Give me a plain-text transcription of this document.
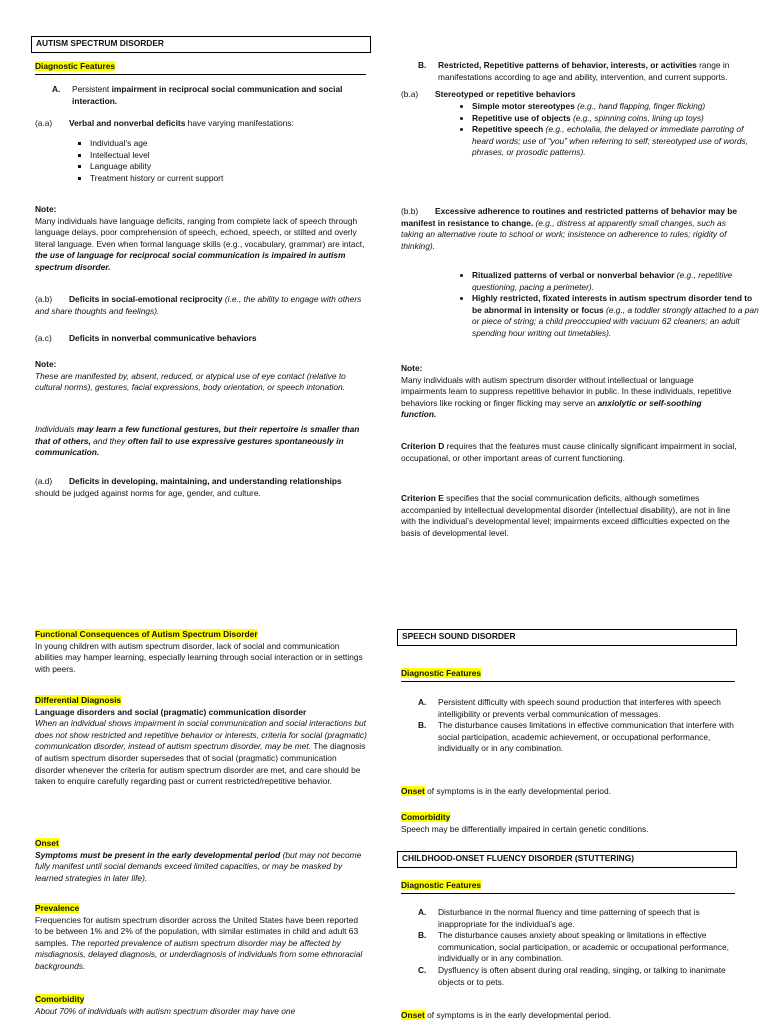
AUTISM SPECTRUM DISORDER
Diagnostic Features
A. Persistent impairment in reciprocal social communication and social interaction.
(a.a) Verbal and nonverbal deficits have varying manifestations:
▪ Individual’s age
▪ Intellectual level
▪ Language ability
▪ Treatment history or current support
Note:
Many individuals have language deficits, ranging from complete lack of speech through language delays, poor comprehension of speech, echoed, speech, or stilted and overly literal language. Even when formal language skills (e.g., vocabulary, grammar) are intact, the use of language for reciprocal social communication is impaired in autism spectrum disorder.
(a.b) Deficits in social-emotional reciprocity (i.e., the ability to engage with others and share thoughts and feelings).
(a.c) Deficits in nonverbal communicative behaviors
Note:
These are manifested by, absent, reduced, or atypical use of eye contact (relative to cultural norms), gestures, facial expressions, body orientation, or speech intonation.
Individuals may learn a few functional gestures, but their repertoire is smaller than that of others, and they often fail to use expressive gestures spontaneously in communication.
(a.d) Deficits in developing, maintaining, and understanding relationships should be judged against norms for age, gender, and culture.
B. Restricted, Repetitive patterns of behavior, interests, or activities range in manifestations according to age and ability, intervention, and current supports.
(b.a) Stereotyped or repetitive behaviors
• Simple motor stereotypes (e.g., hand flapping, finger flicking)
• Repetitive use of objects (e.g., spinning coins, lining up toys)
• Repetitive speech (e.g., echolalia, the delayed or immediate parroting of heard words; use of “you” when referring to self; stereotyped use of words, phrases, or prosodic patterns).
(b.b) Excessive adherence to routines and restricted patterns of behavior may be manifest in resistance to change. (e.g., distress at apparently small changes, such as taking an alternative route to school or work; insistence on adherence to rules; rigidity of thinking).
• Ritualized patterns of verbal or nonverbal behavior (e.g., repetitive questioning, pacing a perimeter).
• Highly restricted, fixated interests in autism spectrum disorder tend to be abnormal in intensity or focus (e.g., a toddler strongly attached to a pan or piece of string; a child preoccupied with vacuum 62 cleaners; an adult spending hour writing out timetables).
Note:
Many individuals with autism spectrum disorder without intellectual or language impairments learn to suppress repetitive behavior in public. In these individuals, repetitive behaviors like rocking or finger flicking may serve an anxiolytic or self-soothing function.
Criterion D requires that the features must cause clinically significant impairment in social, occupational, or other important areas of current functioning.
Criterion E specifies that the social communication deficits, although sometimes accompanied by intellectual developmental disorder (intellectual disability), are not in line with the individual’s developmental level; impairments exceed difficulties expected on the basis of developmental level.
Functional Consequences of Autism Spectrum Disorder
In young children with autism spectrum disorder, lack of social and communication abilities may hamper learning, especially learning through social interaction or in settings with peers.
Differential Diagnosis
Language disorders and social (pragmatic) communication disorder
When an individual shows impairment in social communication and social interactions but does not show restricted and repetitive behavior or interests, criteria for social (pragmatic) communication disorder, instead of autism spectrum disorder, may be met. The diagnosis of autism spectrum disorder supersedes that of social (pragmatic) communication disorder whenever the criteria for autism spectrum disorder are met, and care should be taken to enquire carefully regarding past or current restricted/repetitive behavior.
Onset
Symptoms must be present in the early developmental period (but may not become fully manifest until social demands exceed limited capacities, or may be masked by learned strategies in later life).
Prevalence
Frequencies for autism spectrum disorder across the United States have been reported to be between 1% and 2% of the population, with similar estimates in child and adult 63 samples. The reported prevalence of autism spectrum disorder may be affected by misdiagnosis, delayed diagnosis, or underdiagnosis of individuals from some ethnoracial backgrounds.
Comorbidity
About 70% of individuals with autism spectrum disorder may have one
SPEECH SOUND DISORDER
Diagnostic Features
A. Persistent difficulty with speech sound production that interferes with speech intelligibility or prevents verbal communication of messages.
B. The disturbance causes limitations in effective communication that interfere with social participation, academic achievement, or occupational performance, individually or in any combination.
Onset of symptoms is in the early developmental period.
Comorbidity
Speech may be differentially impaired in certain genetic conditions.
CHILDHOOD-ONSET FLUENCY DISORDER (STUTTERING)
Diagnostic Features
A. Disturbance in the normal fluency and time patterning of speech that is inappropriate for the individual’s age.
B. The disturbance causes anxiety about speaking or limitations in effective communication, social participation, or academic or occupational performance, individually or in any combination.
C. Dysfluency is often absent during oral reading, singing, or talking to inanimate objects or to pets.
Onset of symptoms is in the early developmental period.
